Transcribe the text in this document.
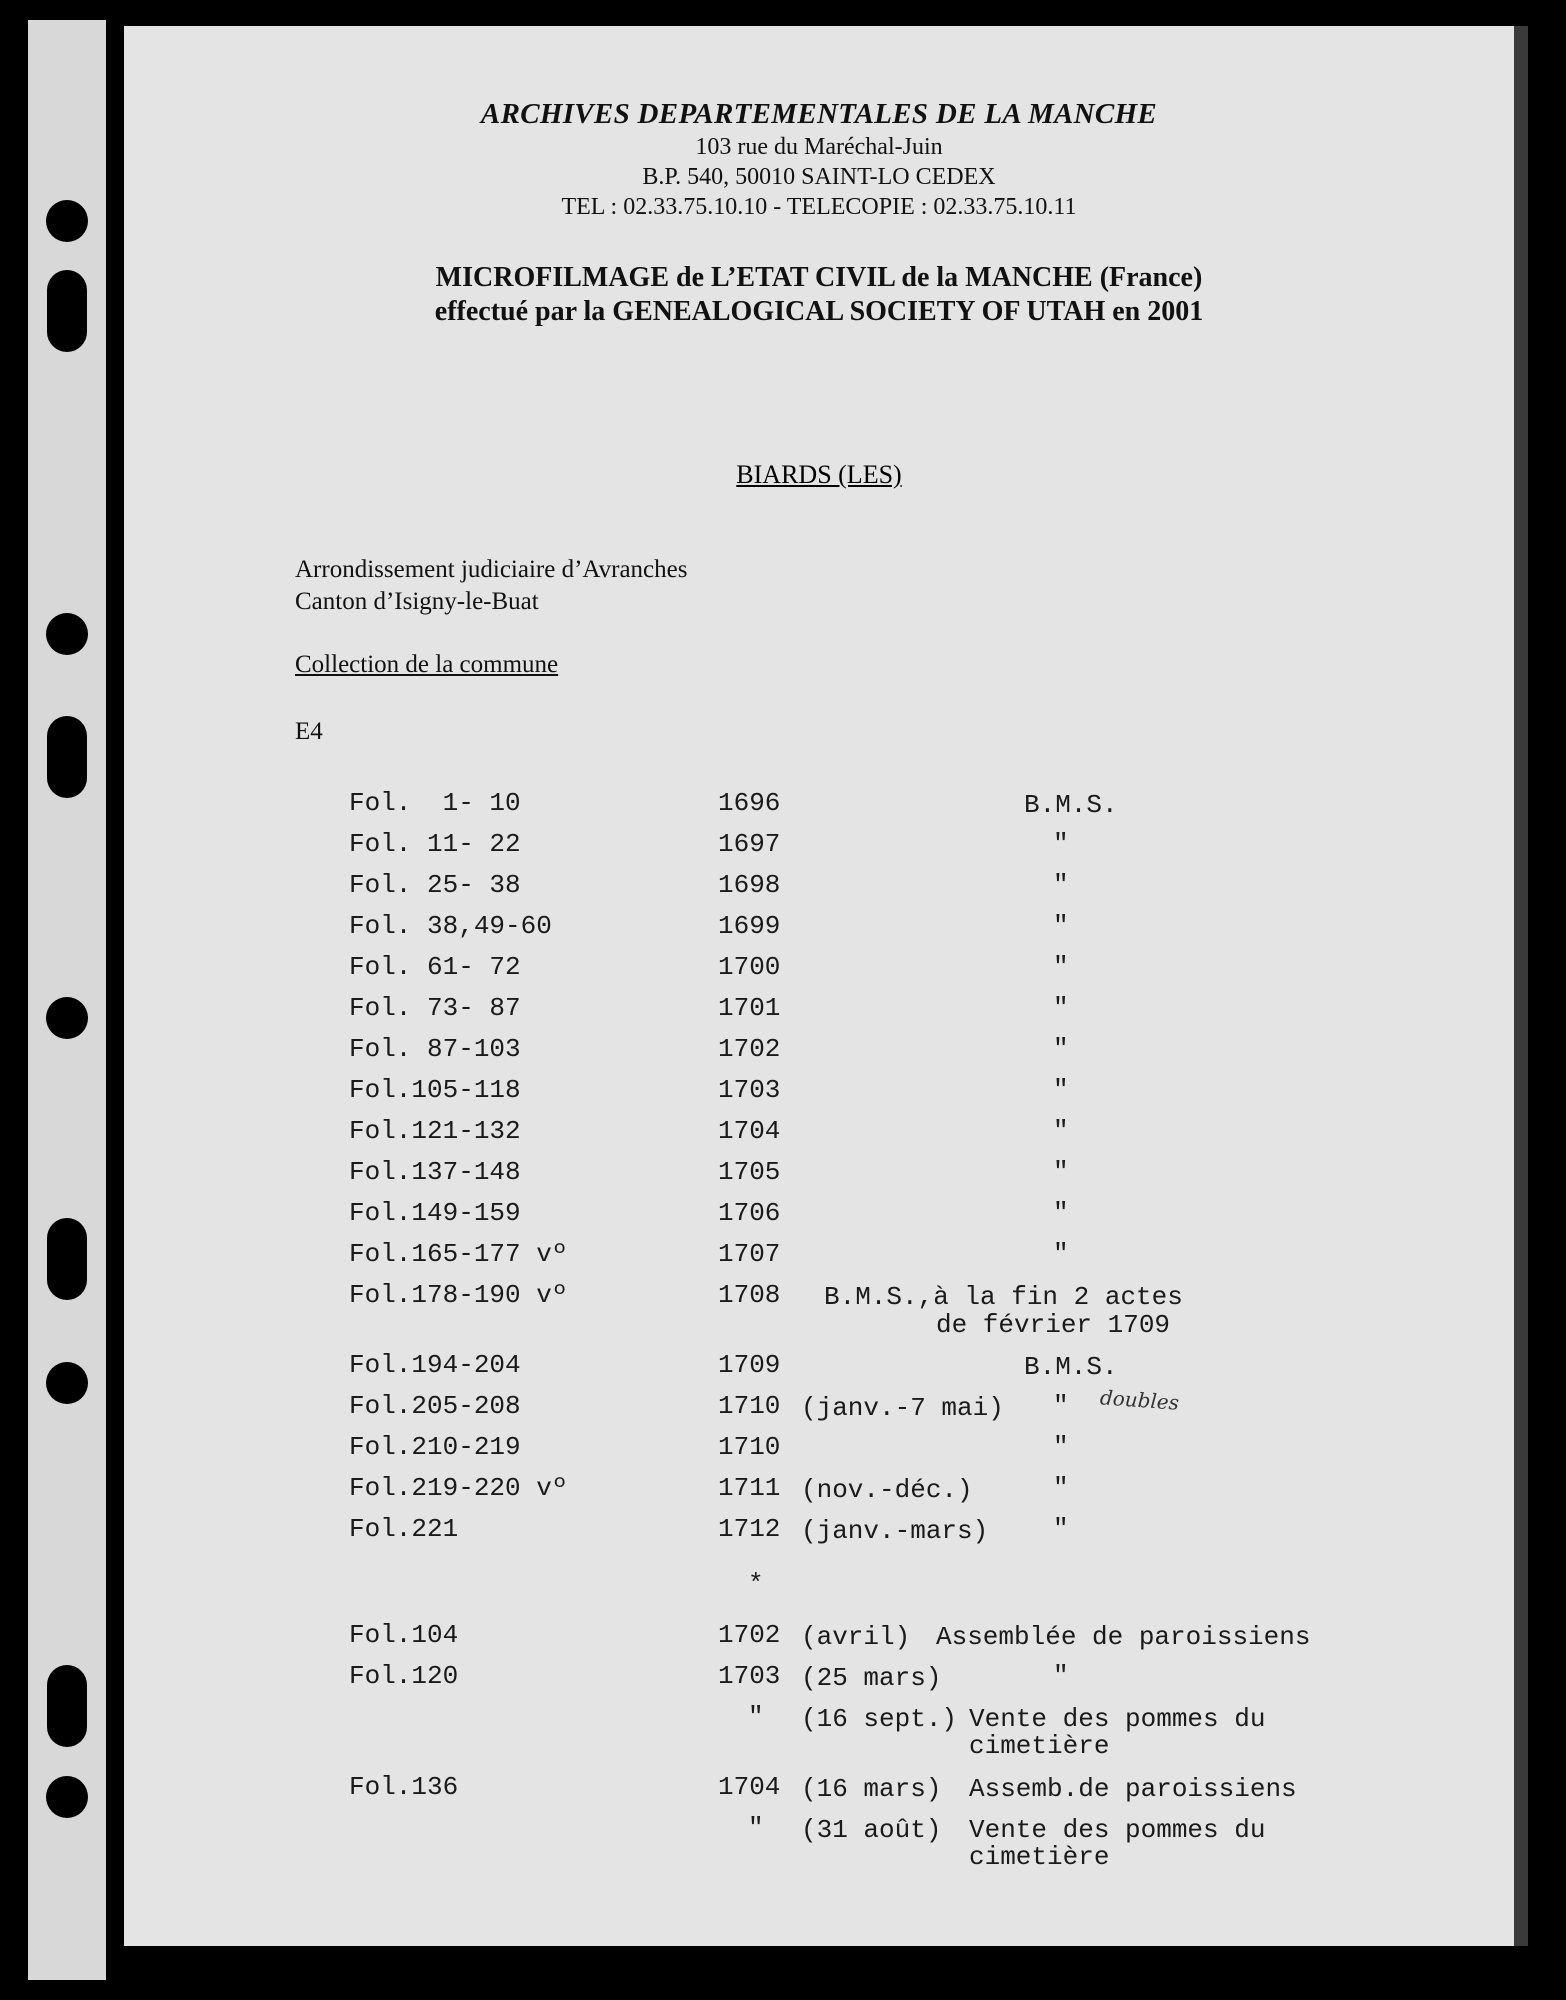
ARCHIVES DEPARTEMENTALES DE LA MANCHE
103 rue du Maréchal-Juin
B.P. 540, 50010 SAINT-LO CEDEX
TEL : 02.33.75.10.10 - TELECOPIE : 02.33.75.10.11
MICROFILMAGE de L’ETAT CIVIL de la MANCHE (France)
effectué par la GENEALOGICAL SOCIETY OF UTAH en 2001
BIARDS (LES)
Arrondissement judiciaire d’Avranches
Canton d’Isigny-le-Buat
Collection de la commune
E4
Fol.  1- 10	1696	B.M.S.
Fol. 11- 22	1697	"
Fol. 25- 38	1698	"
Fol. 38,49-60	1699	"
Fol. 61- 72	1700	"
Fol. 73- 87	1701	"
Fol. 87-103	1702	"
Fol.105-118	1703	"
Fol.121-132	1704	"
Fol.137-148	1705	"
Fol.149-159	1706	"
Fol.165-177 vº	1707	"
Fol.178-190 vº	1708 B.M.S.,à la fin 2 actes
de février 1709
Fol.194-204	1709	B.M.S.
Fol.205-208	1710 (janv.-7 mai) " doubles
Fol.210-219	1710	"
Fol.219-220 vº	1711 (nov.-déc.)	"
Fol.221	1712 (janv.-mars) "
*
Fol.104	1702 (avril) Assemblée de paroissiens
Fol.120	1703 (25 mars)	"
" (16 sept.) Vente des pommes du
cimetière
Fol.136	1704 (16 mars) Assemb.de paroissiens
" (31 août) Vente des pommes du
cimetière
